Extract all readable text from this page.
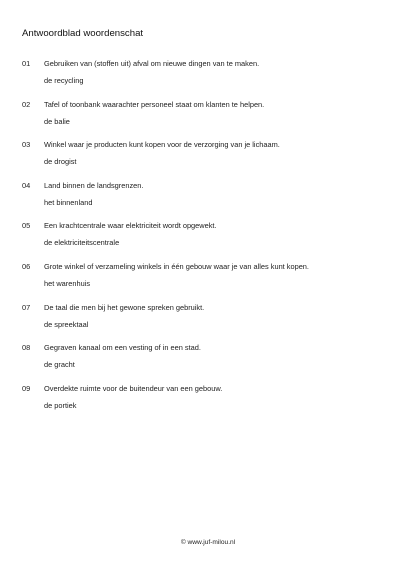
Antwoordblad woordenschat
01 Gebruiken van (stoffen uit) afval om nieuwe dingen van te maken.
de recycling
02 Tafel of toonbank waarachter personeel staat om klanten te helpen.
de balie
03 Winkel waar je producten kunt kopen voor de verzorging van je lichaam.
de drogist
04 Land binnen de landsgrenzen.
het binnenland
05 Een krachtcentrale waar elektriciteit wordt opgewekt.
de elektriciteitscentrale
06 Grote winkel of verzameling winkels in één gebouw waar je van alles kunt kopen.
het warenhuis
07 De taal die men bij het gewone spreken gebruikt.
de spreektaal
08 Gegraven kanaal om een vesting of in een stad.
de gracht
09 Overdekte ruimte voor de buitendeur van een gebouw.
de portiek
© www.juf-milou.nl
